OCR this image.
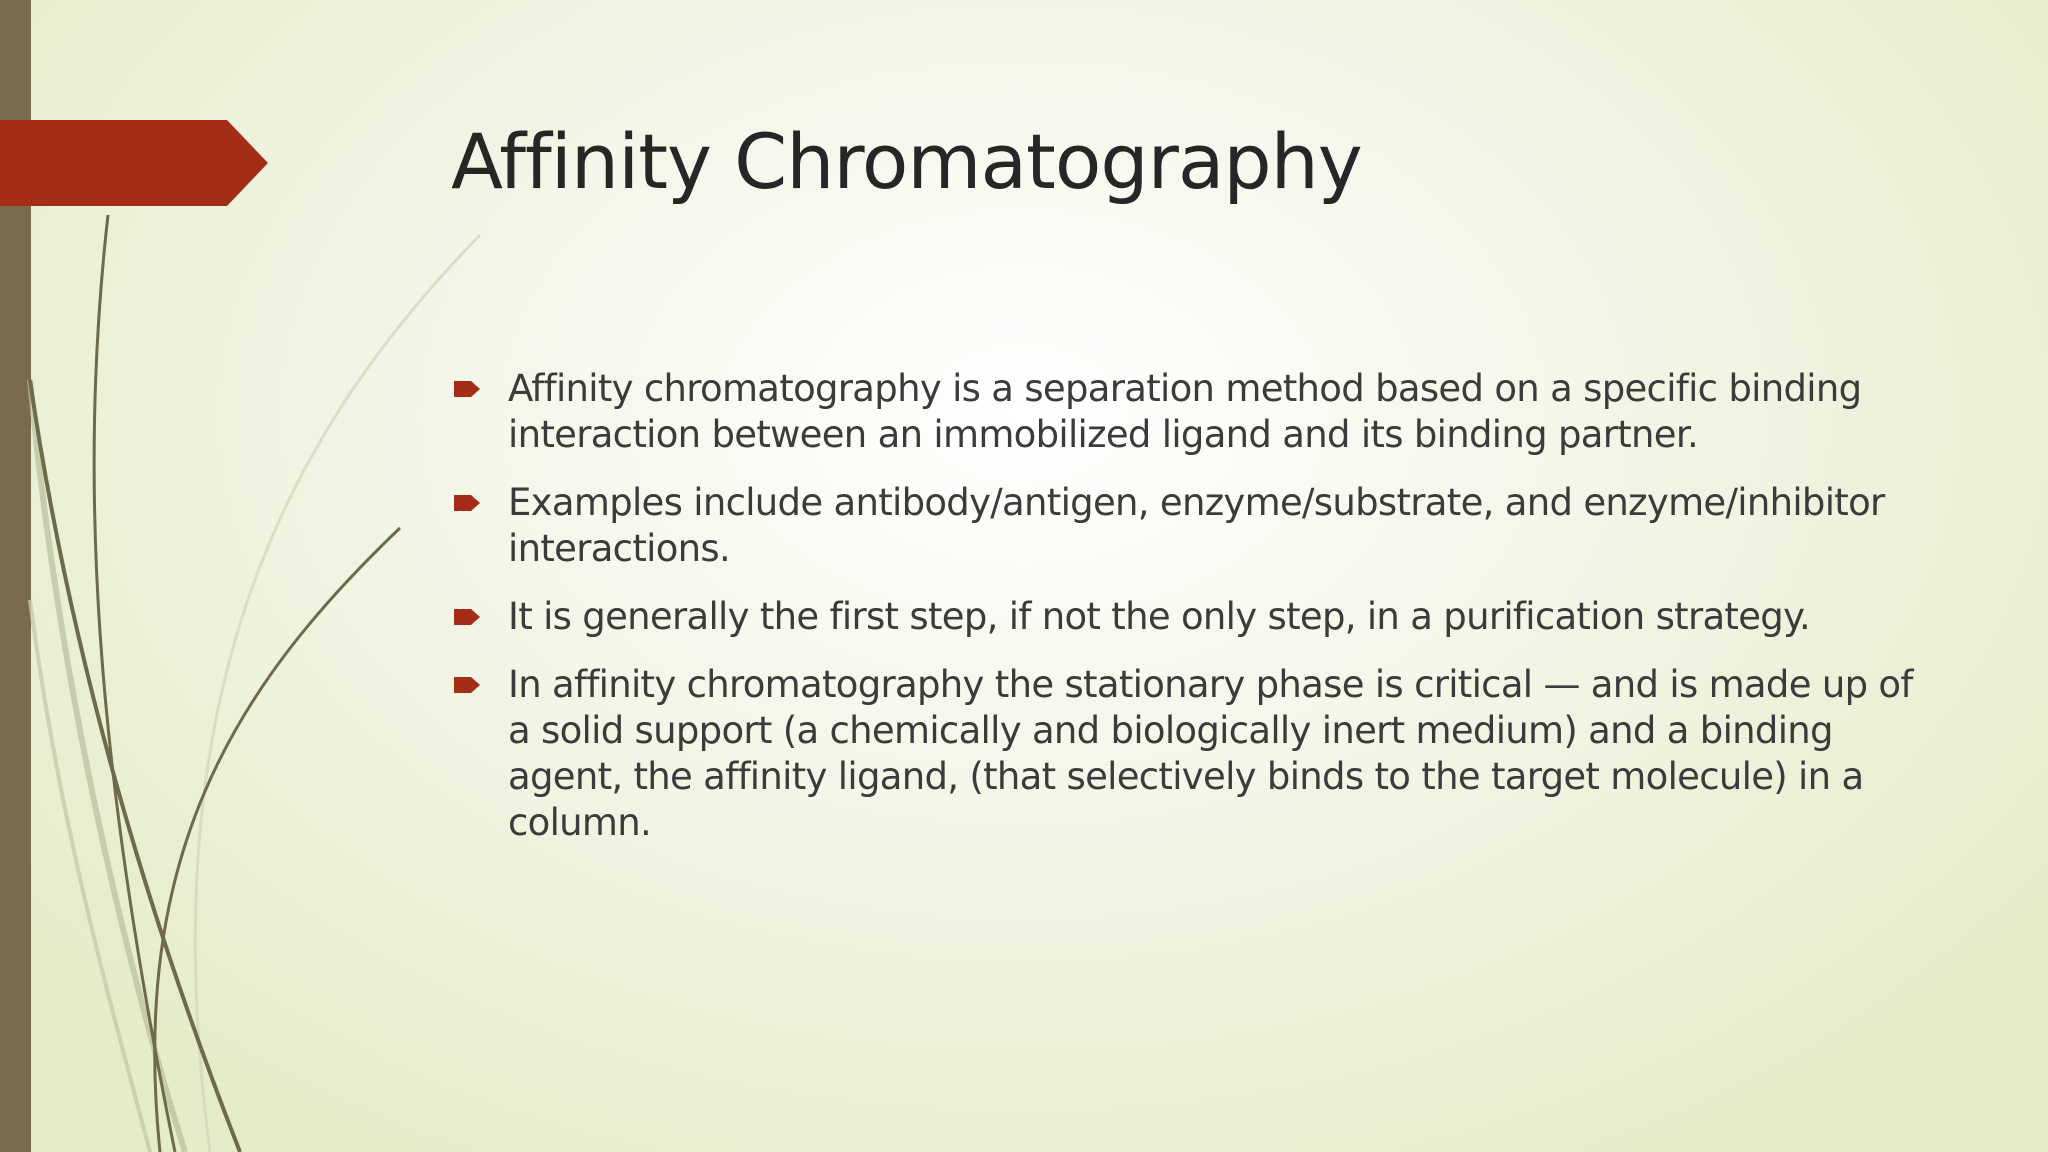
Affinity Chromatography
Affinity chromatography is a separation method based on a specific binding interaction between an immobilized ligand and its binding partner.
Examples include antibody/antigen, enzyme/substrate, and enzyme/inhibitor interactions.
It is generally the first step, if not the only step, in a purification strategy.
In affinity chromatography the stationary phase is critical — and is made up of a solid support (a chemically and biologically inert medium) and a binding agent, the affinity ligand, (that selectively binds to the target molecule) in a column.
